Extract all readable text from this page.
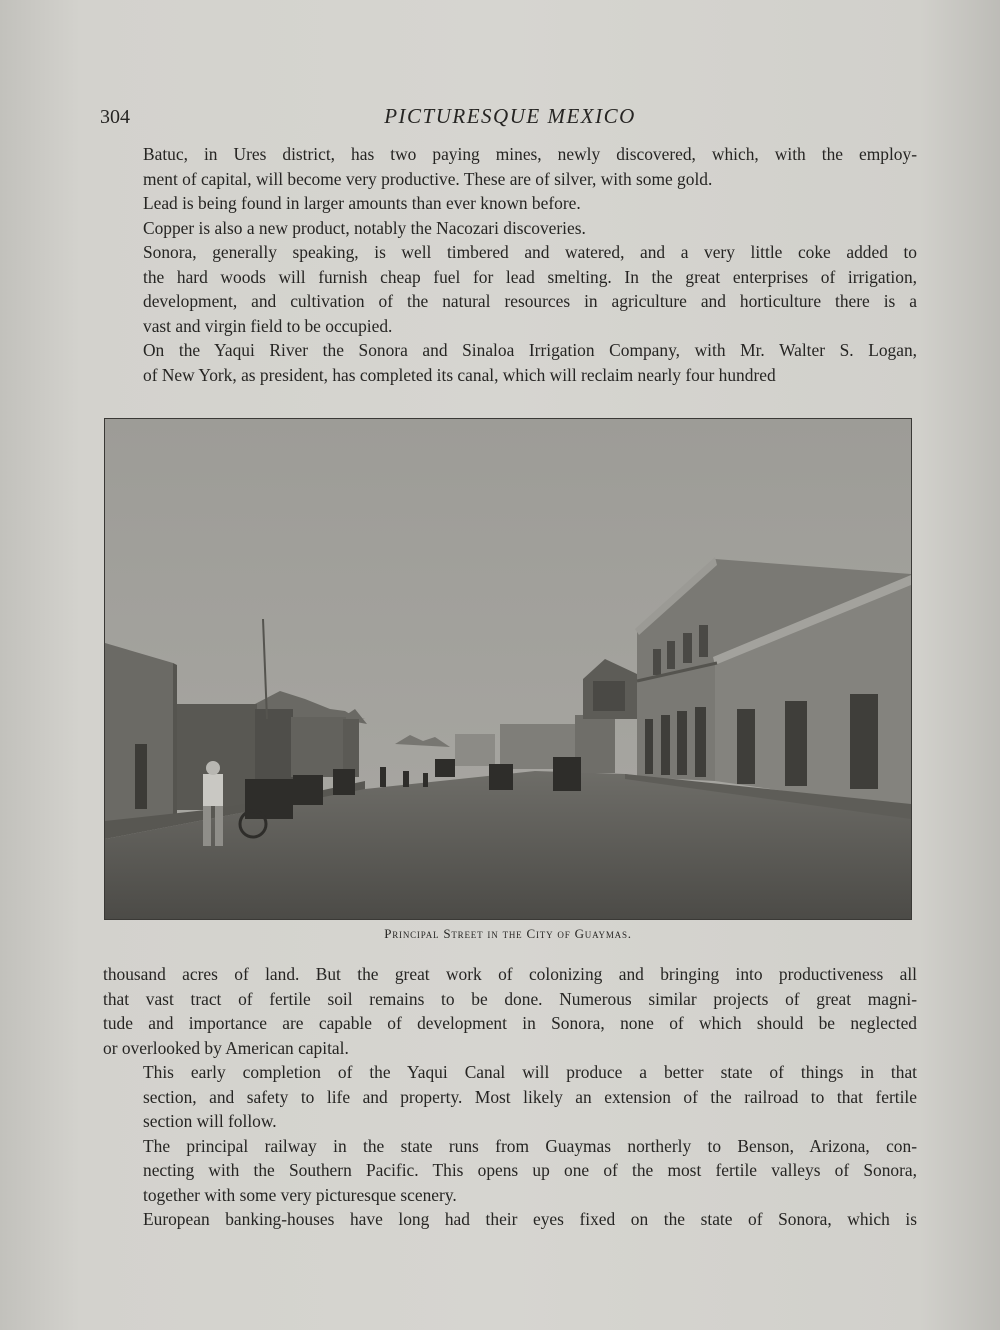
304	PICTURESQUE MEXICO

Batuc, in Ures district, has two paying mines, newly discovered, which, with the employ-
ment of capital, will become very productive. These are of silver, with some gold.

Lead is being found in larger amounts than ever known before.

Copper is also a new product, notably the Nacozari discoveries.

Sonora, generally speaking, is well timbered and watered, and a very little coke added to
the hard woods will furnish cheap fuel for lead smelting. In the great enterprises of irrigation,
development, and cultivation of the natural resources in agriculture and horticulture there is a
vast and virgin field to be occupied.

On the Yaqui River the Sonora and Sinaloa Irrigation Company, with Mr. Walter S. Logan,
of New York, as president, has completed its canal, which will reclaim nearly four hundred

Principal Street in the City of Guaymas.

thousand acres of land. But the great work of colonizing and bringing into productiveness all
that vast tract of fertile soil remains to be done. Numerous similar projects of great magni-
tude and importance are capable of development in Sonora, none of which should be neglected
or overlooked by American capital.

This early completion of the Yaqui Canal will produce a better state of things in that
section, and safety to life and property. Most likely an extension of the railroad to that fertile
section will follow.

The principal railway in the state runs from Guaymas northerly to Benson, Arizona, con-
necting with the Southern Pacific. This opens up one of the most fertile valleys of Sonora,
together with some very picturesque scenery.

European banking-houses have long had their eyes fixed on the state of Sonora, which is
